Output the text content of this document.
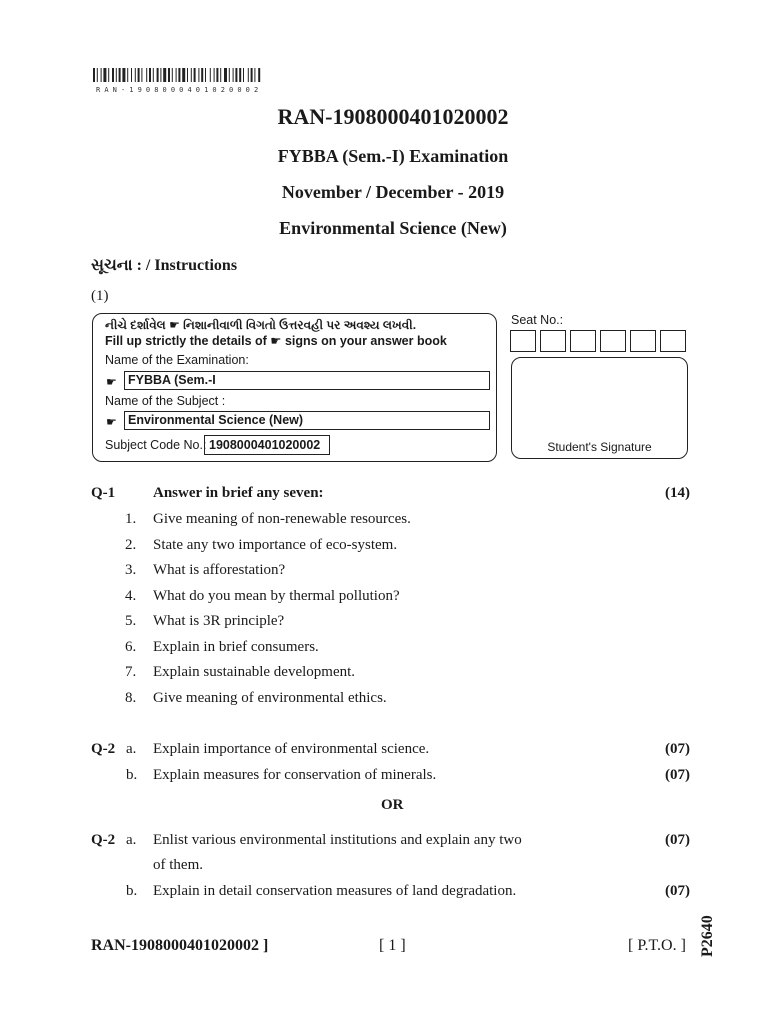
RAN-1908000401020002
RAN-1908000401020002
FYBBA (Sem.-I) Examination
November / December - 2019
Environmental Science (New)
સૂચના : / Instructions
(1)
નીચે દર્શાવેલ ☛ નિશાનીવાળી વિગતો ઉત્તરવહી પર અવશ્ય લખવી.
Fill up strictly the details of ☛ signs on your answer book
Name of the Examination:
☛ FYBBA (Sem.-I
Name of the Subject :
☛ Environmental Science (New)
Subject Code No.: 1908000401020002
Seat No.:
Student's Signature
Q-1	Answer in brief any seven:	(14)
1. Give meaning of non-renewable resources.
2. State any two importance of eco-system.
3. What is afforestation?
4. What do you mean by thermal pollution?
5. What is 3R principle?
6. Explain in brief consumers.
7. Explain sustainable development.
8. Give meaning of environmental ethics.
Q-2 a. Explain importance of environmental science.	(07)
b. Explain measures for conservation of minerals.	(07)
OR
Q-2 a. Enlist various environmental institutions and explain any two	(07)
of them.
b. Explain in detail conservation measures of land degradation.	(07)
RAN-1908000401020002 ]	[ 1 ]	[ P.T.O. ] P2640
